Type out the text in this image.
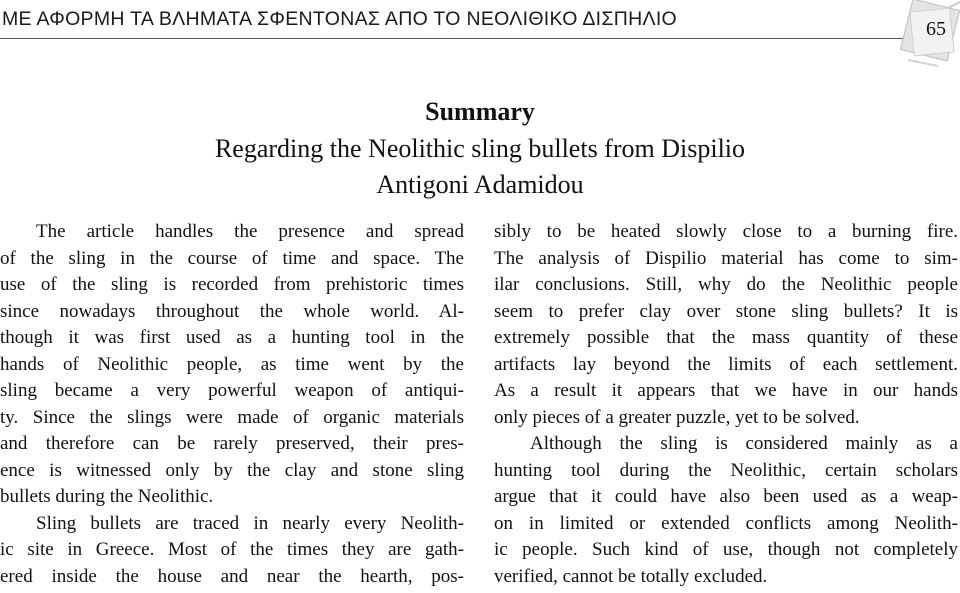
ΜΕ ΑΦΟΡΜΗ ΤΑ ΒΛΗΜΑΤΑ ΣΦΕΝΤΟΝΑΣ ΑΠΟ ΤΟ ΝΕΟΛΙΘΙΚΟ ΔΙΣΠΗΛΙΟ	65
Summary
Regarding the Neolithic sling bullets from Dispilio
Antigoni Adamidou
The article handles the presence and spread
of the sling in the course of time and space. The
use of the sling is recorded from prehistoric times
since nowadays throughout the whole world. Al-
though it was first used as a hunting tool in the
hands of Neolithic people, as time went by the
sling became a very powerful weapon of antiqui-
ty. Since the slings were made of organic materials
and therefore can be rarely preserved, their pres-
ence is witnessed only by the clay and stone sling
bullets during the Neolithic.
Sling bullets are traced in nearly every Neolith-
ic site in Greece. Most of the times they are gath-
ered inside the house and near the hearth, pos-
sibly to be heated slowly close to a burning fire.
The analysis of Dispilio material has come to sim-
ilar conclusions. Still, why do the Neolithic people
seem to prefer clay over stone sling bullets? It is
extremely possible that the mass quantity of these
artifacts lay beyond the limits of each settlement.
As a result it appears that we have in our hands
only pieces of a greater puzzle, yet to be solved.
Although the sling is considered mainly as a
hunting tool during the Neolithic, certain scholars
argue that it could have also been used as a weap-
on in limited or extended conflicts among Neolith-
ic people. Such kind of use, though not completely
verified, cannot be totally excluded.
